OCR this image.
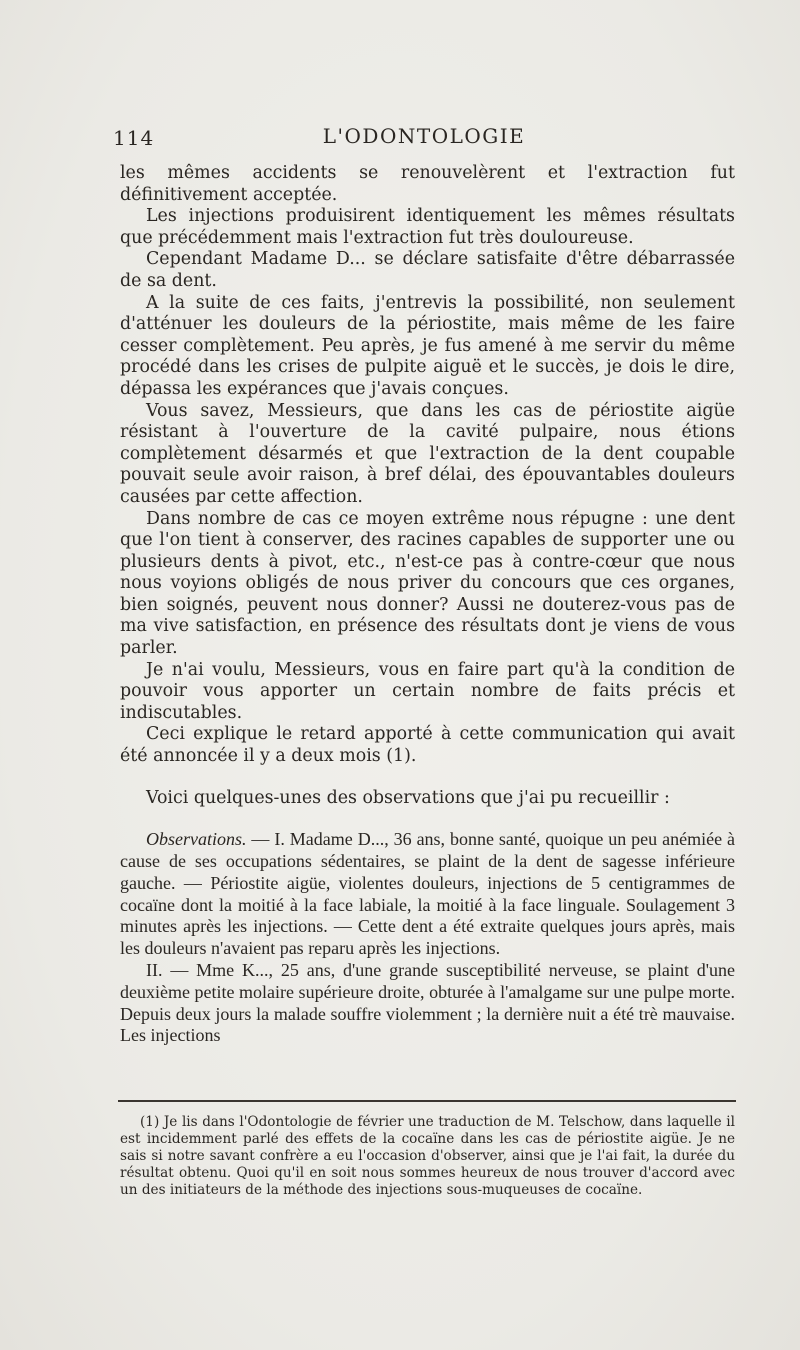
114	L'ODONTOLOGIE

les mêmes accidents se renouvelèrent et l'extraction fut définitivement acceptée.

Les injections produisirent identiquement les mêmes résultats que précédemment mais l'extraction fut très douloureuse.

Cependant Madame D... se déclare satisfaite d'être débarrassée de sa dent.

A la suite de ces faits, j'entrevis la possibilité, non seulement d'atténuer les douleurs de la périostite, mais même de les faire cesser complètement. Peu après, je fus amené à me servir du même procédé dans les crises de pulpite aiguë et le succès, je dois le dire, dépassa les expérances que j'avais conçues.

Vous savez, Messieurs, que dans les cas de périostite aigüe résistant à l'ouverture de la cavité pulpaire, nous étions complètement désarmés et que l'extraction de la dent coupable pouvait seule avoir raison, à bref délai, des épouvantables douleurs causées par cette affection.

Dans nombre de cas ce moyen extrême nous répugne : une dent que l'on tient à conserver, des racines capables de supporter une ou plusieurs dents à pivot, etc., n'est-ce pas à contre-cœur que nous nous voyions obligés de nous priver du concours que ces organes, bien soignés, peuvent nous donner? Aussi ne douterez-vous pas de ma vive satisfaction, en présence des résultats dont je viens de vous parler.

Je n'ai voulu, Messieurs, vous en faire part qu'à la condition de pouvoir vous apporter un certain nombre de faits précis et indiscutables.

Ceci explique le retard apporté à cette communication qui avait été annoncée il y a deux mois (1).

Voici quelques-unes des observations que j'ai pu recueillir :

Observations. — I. Madame D..., 36 ans, bonne santé, quoique un peu anémiée à cause de ses occupations sédentaires, se plaint de la dent de sagesse inférieure gauche. — Périostite aigüe, violentes douleurs, injections de 5 centigrammes de cocaïne dont la moitié à la face labiale, la moitié à la face linguale. Soulagement 3 minutes après les injections. — Cette dent a été extraite quelques jours après, mais les douleurs n'avaient pas reparu après les injections.

II. — Mme K..., 25 ans, d'une grande susceptibilité nerveuse, se plaint d'une deuxième petite molaire supérieure droite, obturée à l'amalgame sur une pulpe morte. Depuis deux jours la malade souffre violemment ; la dernière nuit a été trè mauvaise. Les injections

(1) Je lis dans l'Odontologie de février une traduction de M. Telschow, dans laquelle il est incidemment parlé des effets de la cocaïne dans les cas de périostite aigüe. Je ne sais si notre savant confrère a eu l'occasion d'observer, ainsi que je l'ai fait, la durée du résultat obtenu. Quoi qu'il en soit nous sommes heureux de nous trouver d'accord avec un des initiateurs de la méthode des injections sous-muqueuses de cocaïne.
